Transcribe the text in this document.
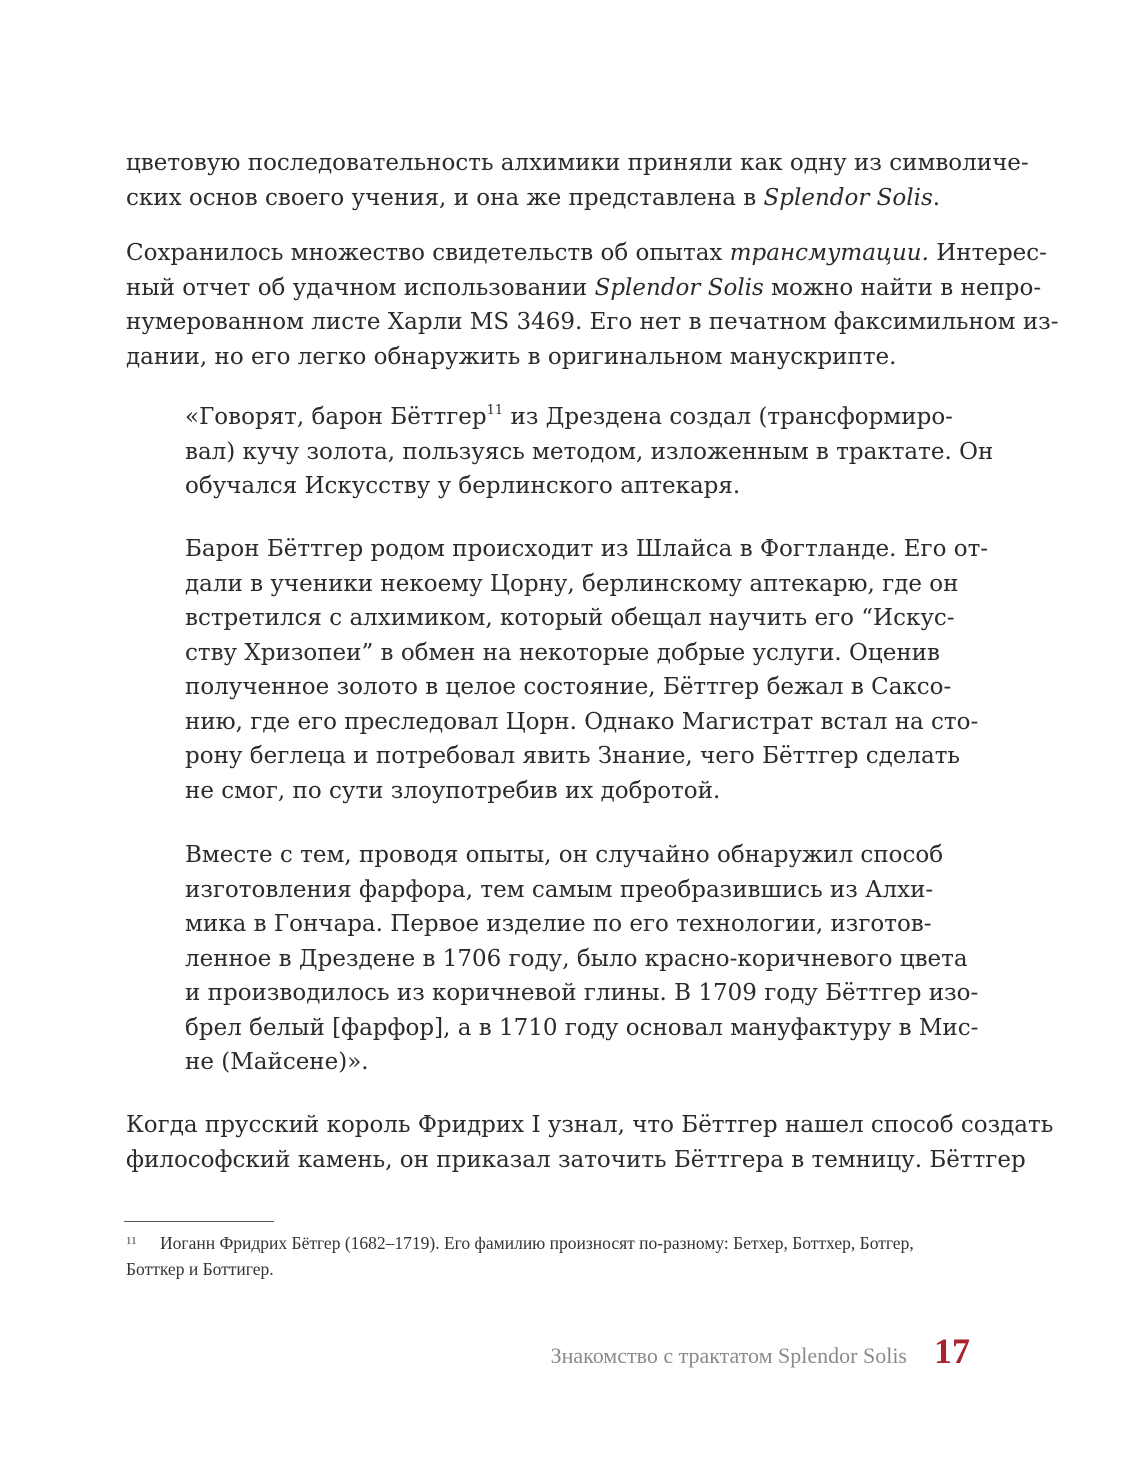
цветовую последовательность алхимики приняли как одну из символиче-
ских основ своего учения, и она же представлена в Splendor Solis.
Сохранилось множество свидетельств об опытах трансмутации. Интерес-
ный отчет об удачном использовании Splendor Solis можно найти в непро-
нумерованном листе Харли MS 3469. Его нет в печатном факсимильном из-
дании, но его легко обнаружить в оригинальном манускрипте.
«Говорят, барон Бёттгер$^{11}$ из Дрездена создал (трансформиро-
вал) кучу золота, пользуясь методом, изложенным в трактате. Он
обучался Искусству у берлинского аптекаря.
Барон Бёттгер родом происходит из Шлайса в Фогтланде. Его от-
дали в ученики некоему Цорну, берлинскому аптекарю, где он
встретился с алхимиком, который обещал научить его “Искус-
ству Хризопеи” в обмен на некоторые добрые услуги. Оценив
полученное золото в целое состояние, Бёттгер бежал в Саксо-
нию, где его преследовал Цорн. Однако Магистрат встал на сто-
рону беглеца и потребовал явить Знание, чего Бёттгер сделать
не смог, по сути злоупотребив их добротой.
Вместе с тем, проводя опыты, он случайно обнаружил способ
изготовления фарфора, тем самым преобразившись из Алхи-
мика в Гончара. Первое изделие по его технологии, изготов-
ленное в Дрездене в 1706 году, было красно-коричневого цвета
и производилось из коричневой глины. В 1709 году Бёттгер изо-
брел белый [фарфор], а в 1710 году основал мануфактуру в Мис-
не (Майсене)».
Когда прусский король Фридрих I узнал, что Бёттгер нашел способ создать
философский камень, он приказал заточить Бёттгера в темницу. Бёттгер
11 Иоганн Фридрих Бётгер (1682–1719). Его фамилию произносят по-разному: Бетхер, Боттхер, Ботгер,
Ботткер и Боттигер.
Знакомство с трактатом Splendor Solis 17
